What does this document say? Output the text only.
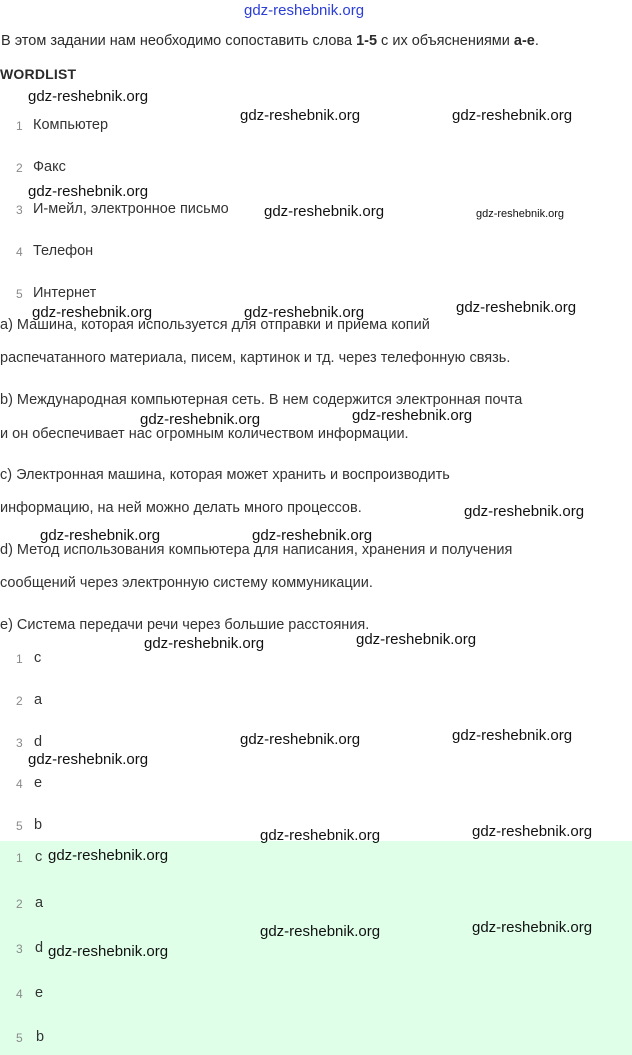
gdz-reshebnik.org
В этом задании нам необходимо сопоставить слова 1-5 с их объяснениями a-e.
WORDLIST
1 Компьютер
2 Факс
3 И-мейл, электронное письмо
4 Телефон
5 Интернет
a) Машина, которая используется для отправки и приема копий
распечатанного материала, писем, картинок и тд. через телефонную связь.
b) Международная компьютерная сеть. В нем содержится электронная почта
и он обеспечивает нас огромным количеством информации.
c) Электронная машина, которая может хранить и воспроизводить
информацию, на ней можно делать много процессов.
d) Метод использования компьютера для написания, хранения и получения
сообщений через электронную систему коммуникации.
e) Система передачи речи через большие расстояния.
1 c
2 a
3 d
4 e
5 b
1 c
2 a
3 d
4 e
5 b
gdz-reshebnik.org
gdz-reshebnik.org	gdz-reshebnik.org
gdz-reshebnik.org
gdz-reshebnik.org	gdz-reshebnik.org
gdz-reshebnik.org	gdz-reshebnik.org	gdz-reshebnik.org
gdz-reshebnik.org	gdz-reshebnik.org
gdz-reshebnik.org
gdz-reshebnik.org	gdz-reshebnik.org
gdz-reshebnik.org	gdz-reshebnik.org
gdz-reshebnik.org	gdz-reshebnik.org
gdz-reshebnik.org
gdz-reshebnik.org	gdz-reshebnik.org
gdz-reshebnik.org
gdz-reshebnik.org	gdz-reshebnik.org
gdz-reshebnik.org
